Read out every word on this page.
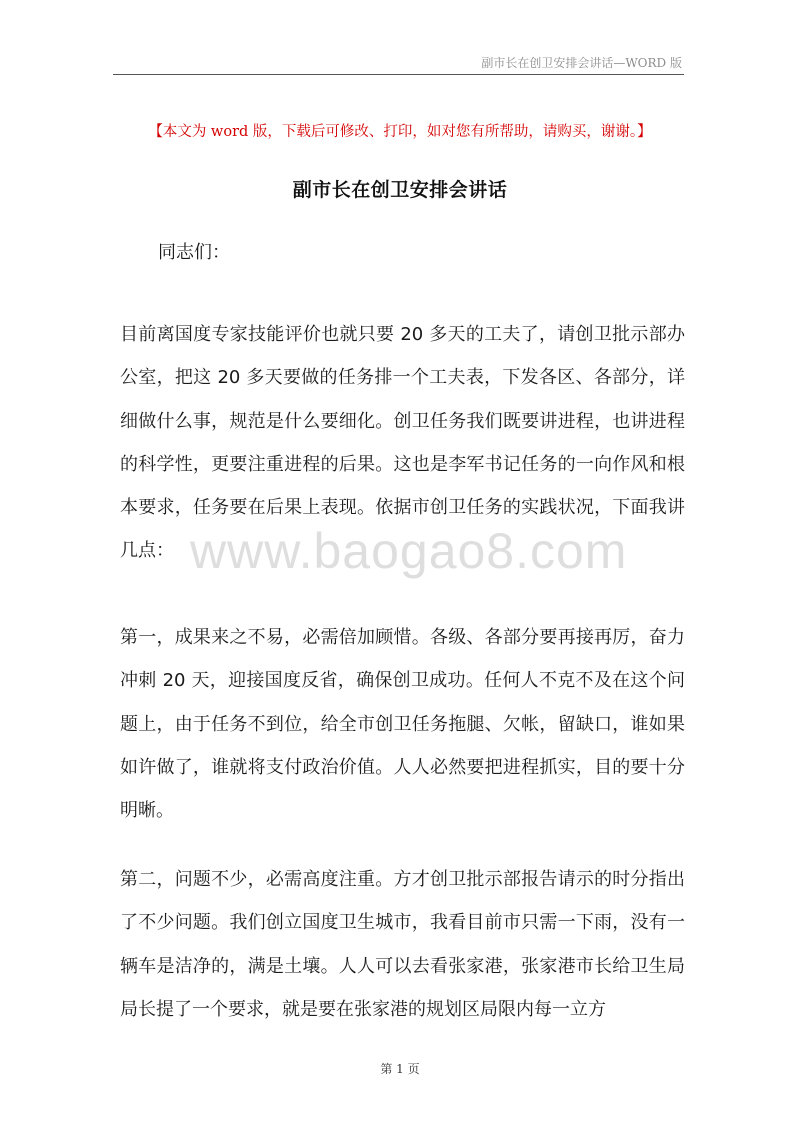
副市长在创卫安排会讲话—WORD 版
【本文为 word 版，下载后可修改、打印，如对您有所帮助，请购买，谢谢。】
副市长在创卫安排会讲话
同志们：

目前离国度专家技能评价也就只要 20 多天的工夫了，请创卫批示部办公室，把这 20 多天要做的任务排一个工夫表，下发各区、各部分，详细做什么事，规范是什么要细化。创卫任务我们既要讲进程，也讲进程的科学性，更要注重进程的后果。这也是李军书记任务的一向作风和根本要求，任务要在后果上表现。依据市创卫任务的实践状况，下面我讲几点：

第一，成果来之不易，必需倍加顾惜。各级、各部分要再接再厉，奋力冲刺 20 天，迎接国度反省，确保创卫成功。任何人不克不及在这个问题上，由于任务不到位，给全市创卫任务拖腿、欠帐，留缺口，谁如果如许做了，谁就将支付政治价值。人人必然要把进程抓实，目的要十分明晰。

第二，问题不少，必需高度注重。方才创卫批示部报告请示的时分指出了不少问题。我们创立国度卫生城市，我看目前市只需一下雨，没有一辆车是洁净的，满是土壤。人人可以去看张家港，张家港市长给卫生局局长提了一个要求，就是要在张家港的规划区局限内每一立方

www.baogao8.com
第 1 页
